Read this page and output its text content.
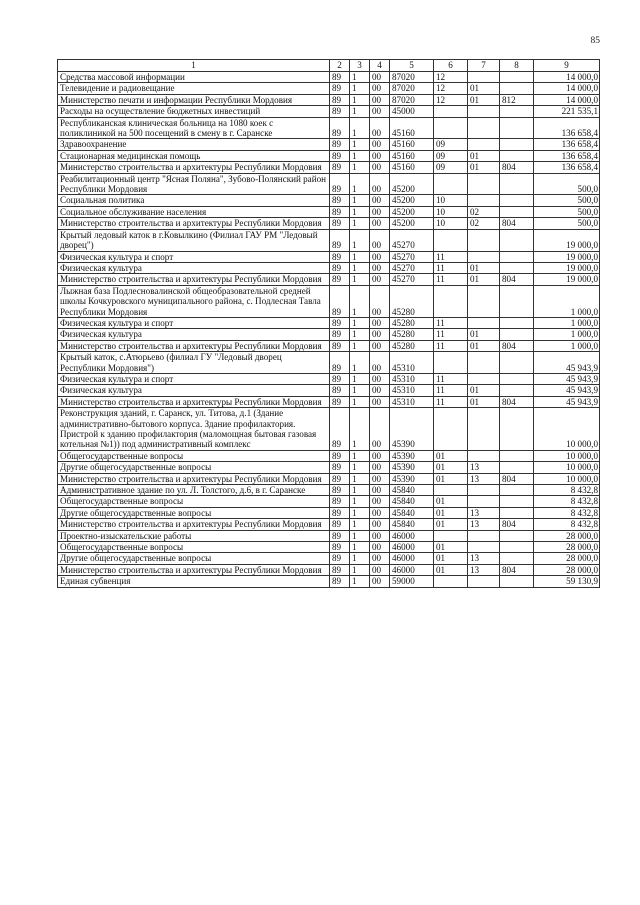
85
1	2	3	4	5	6	7	8	9
Средства массовой информации	89	1	00	87020	12			14 000,0
Телевидение и радиовещание	89	1	00	87020	12	01		14 000,0
Министерство печати и информации Республики Мордовия	89	1	00	87020	12	01	812	14 000,0
Расходы на осуществление бюджетных инвестиций	89	1	00	45000				221 535,1
Республиканская клиническая больница на 1080 коек с поликлиникой на 500 посещений в смену в г. Саранске	89	1	00	45160				136 658,4
Здравоохранение	89	1	00	45160	09			136 658,4
Стационарная медицинская помощь	89	1	00	45160	09	01		136 658,4
Министерство строительства и архитектуры Республики Мордовия	89	1	00	45160	09	01	804	136 658,4
Реабилитационный центр "Ясная Поляна", Зубово-Полянский район Республики Мордовия	89	1	00	45200				500,0
Социальная политика	89	1	00	45200	10			500,0
Социальное обслуживание населения	89	1	00	45200	10	02		500,0
Министерство строительства и архитектуры Республики Мордовия	89	1	00	45200	10	02	804	500,0
Крытый ледовый каток в г.Ковылкино (Филиал ГАУ РМ "Ледовый дворец")	89	1	00	45270				19 000,0
Физическая культура и спорт	89	1	00	45270	11			19 000,0
Физическая культура	89	1	00	45270	11	01		19 000,0
Министерство строительства и архитектуры Республики Мордовия	89	1	00	45270	11	01	804	19 000,0
Лыжная база Подлесновалинской общеобразовательной средней школы Кочкуровского муниципального района, с. Подлесная Тавла Республики Мордовия	89	1	00	45280				1 000,0
Физическая культура и спорт	89	1	00	45280	11			1 000,0
Физическая культура	89	1	00	45280	11	01		1 000,0
Министерство строительства и архитектуры Республики Мордовия	89	1	00	45280	11	01	804	1 000,0
Крытый каток, с.Атюрьево (филиал ГУ "Ледовый дворец Республики Мордовия")	89	1	00	45310				45 943,9
Физическая культура и спорт	89	1	00	45310	11			45 943,9
Физическая культура	89	1	00	45310	11	01		45 943,9
Министерство строительства и архитектуры Республики Мордовия	89	1	00	45310	11	01	804	45 943,9
Реконструкция зданий, г. Саранск, ул. Титова, д.1 (Здание административно-бытового корпуса. Здание профилактория. Пристрой к зданию профилактория (маломощная бытовая газовая котельная №1)) под административный комплекс	89	1	00	45390				10 000,0
Общегосударственные вопросы	89	1	00	45390	01			10 000,0
Другие общегосударственные вопросы	89	1	00	45390	01	13		10 000,0
Министерство строительства и архитектуры Республики Мордовия	89	1	00	45390	01	13	804	10 000,0
Административное здание по ул. Л. Толстого, д.6, в г. Саранске	89	1	00	45840				8 432,8
Общегосударственные вопросы	89	1	00	45840	01			8 432,8
Другие общегосударственные вопросы	89	1	00	45840	01	13		8 432,8
Министерство строительства и архитектуры Республики Мордовия	89	1	00	45840	01	13	804	8 432,8
Проектно-изыскательские работы	89	1	00	46000				28 000,0
Общегосударственные вопросы	89	1	00	46000	01			28 000,0
Другие общегосударственные вопросы	89	1	00	46000	01	13		28 000,0
Министерство строительства и архитектуры Республики Мордовия	89	1	00	46000	01	13	804	28 000,0
Единая субвенция	89	1	00	59000				59 130,9
